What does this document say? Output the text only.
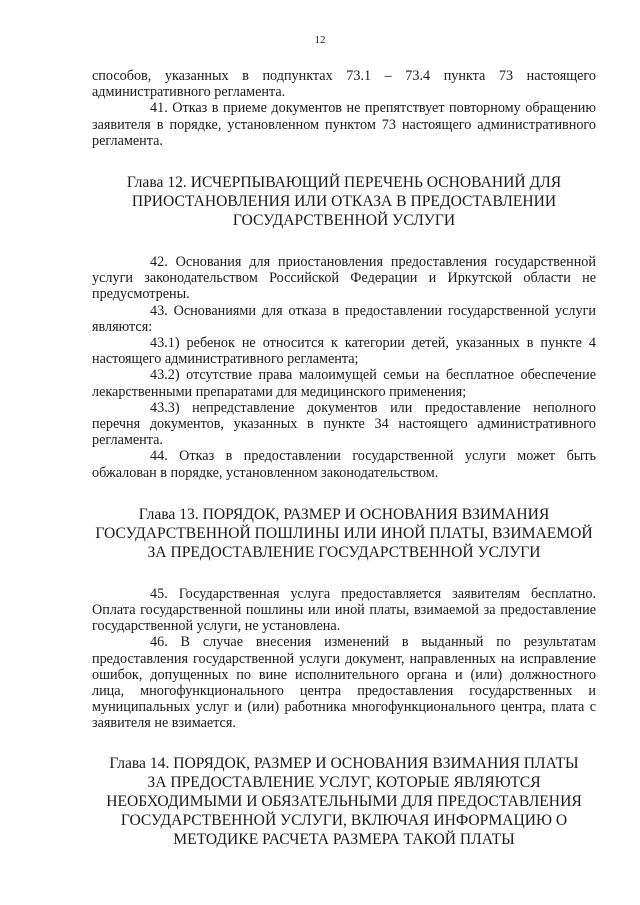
12

способов, указанных в подпунктах 73.1 – 73.4 пункта 73 настоящего административного регламента.

41. Отказ в приеме документов не препятствует повторному обращению заявителя в порядке, установленном пунктом 73 настоящего административного регламента.

Глава 12. ИСЧЕРПЫВАЮЩИЙ ПЕРЕЧЕНЬ ОСНОВАНИЙ ДЛЯ
ПРИОСТАНОВЛЕНИЯ ИЛИ ОТКАЗА В ПРЕДОСТАВЛЕНИИ
ГОСУДАРСТВЕННОЙ УСЛУГИ

42. Основания для приостановления предоставления государственной услуги законодательством Российской Федерации и Иркутской области не предусмотрены.

43. Основаниями для отказа в предоставлении государственной услуги являются:

43.1) ребенок не относится к категории детей, указанных в пункте 4 настоящего административного регламента;

43.2) отсутствие права малоимущей семьи на бесплатное обеспечение лекарственными препаратами для медицинского применения;

43.3) непредставление документов или предоставление неполного перечня документов, указанных в пункте 34 настоящего административного регламента.

44. Отказ в предоставлении государственной услуги может быть обжалован в порядке, установленном законодательством.

Глава 13. ПОРЯДОК, РАЗМЕР И ОСНОВАНИЯ ВЗИМАНИЯ
ГОСУДАРСТВЕННОЙ ПОШЛИНЫ ИЛИ ИНОЙ ПЛАТЫ, ВЗИМАЕМОЙ
ЗА ПРЕДОСТАВЛЕНИЕ ГОСУДАРСТВЕННОЙ УСЛУГИ

45. Государственная услуга предоставляется заявителям бесплатно. Оплата государственной пошлины или иной платы, взимаемой за предоставление государственной услуги, не установлена.

46. В случае внесения изменений в выданный по результатам предоставления государственной услуги документ, направленных на исправление ошибок, допущенных по вине исполнительного органа и (или) должностного лица, многофункционального центра предоставления государственных и муниципальных услуг и (или) работника многофункционального центра, плата с заявителя не взимается.

Глава 14. ПОРЯДОК, РАЗМЕР И ОСНОВАНИЯ ВЗИМАНИЯ ПЛАТЫ
ЗА ПРЕДОСТАВЛЕНИЕ УСЛУГ, КОТОРЫЕ ЯВЛЯЮТСЯ
НЕОБХОДИМЫМИ И ОБЯЗАТЕЛЬНЫМИ ДЛЯ ПРЕДОСТАВЛЕНИЯ
ГОСУДАРСТВЕННОЙ УСЛУГИ, ВКЛЮЧАЯ ИНФОРМАЦИЮ О
МЕТОДИКЕ РАСЧЕТА РАЗМЕРА ТАКОЙ ПЛАТЫ
